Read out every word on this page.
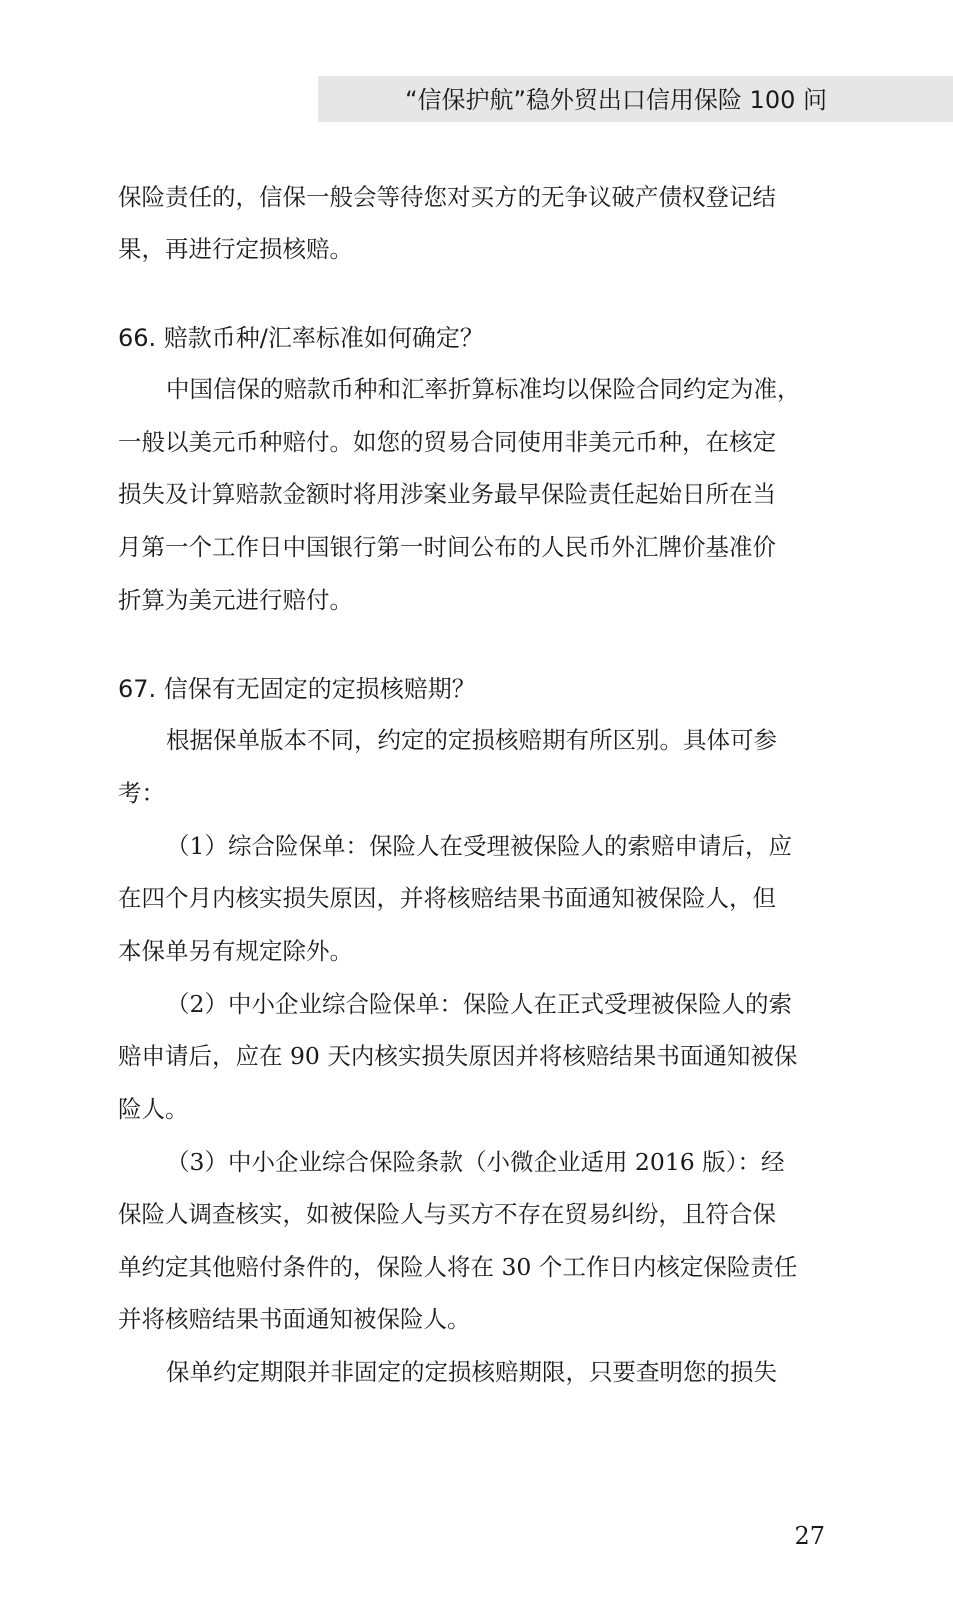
“信保护航”稳外贸出口信用保险 100 问
保险责任的，信保一般会等待您对买方的无争议破产债权登记结
果，再进行定损核赔。
66. 赔款币种/汇率标准如何确定？
中国信保的赔款币种和汇率折算标准均以保险合同约定为准，
一般以美元币种赔付。如您的贸易合同使用非美元币种，在核定
损失及计算赔款金额时将用涉案业务最早保险责任起始日所在当
月第一个工作日中国银行第一时间公布的人民币外汇牌价基准价
折算为美元进行赔付。
67. 信保有无固定的定损核赔期？
根据保单版本不同，约定的定损核赔期有所区别。具体可参
考：
（1）综合险保单：保险人在受理被保险人的索赔申请后，应
在四个月内核实损失原因，并将核赔结果书面通知被保险人，但
本保单另有规定除外。
（2）中小企业综合险保单：保险人在正式受理被保险人的索
赔申请后，应在 90 天内核实损失原因并将核赔结果书面通知被保
险人。
（3）中小企业综合保险条款（小微企业适用 2016 版）：经
保险人调查核实，如被保险人与买方不存在贸易纠纷，且符合保
单约定其他赔付条件的，保险人将在 30 个工作日内核定保险责任
并将核赔结果书面通知被保险人。
保单约定期限并非固定的定损核赔期限，只要查明您的损失
27
